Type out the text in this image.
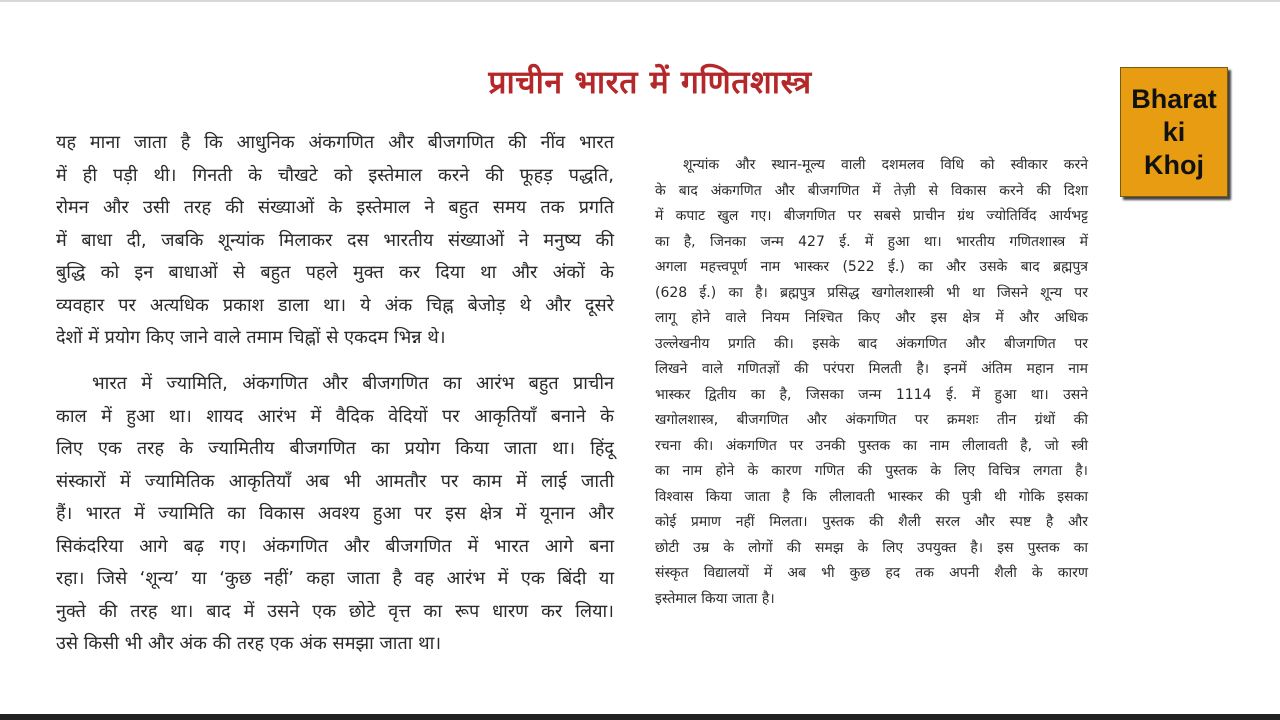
प्राचीन भारत में गणितशास्त्र	Bharat
ki
Khoj
यह माना जाता है कि आधुनिक अंकगणित और बीजगणित की नींव भारत
में ही पड़ी थी। गिनती के चौखटे को इस्तेमाल करने की फूहड़ पद्धति,
रोमन और उसी तरह की संख्याओं के इस्तेमाल ने बहुत समय तक प्रगति
में बाधा दी, जबकि शून्यांक मिलाकर दस भारतीय संख्याओं ने मनुष्य की
बुद्धि को इन बाधाओं से बहुत पहले मुक्त कर दिया था और अंकों के
व्यवहार पर अत्यधिक प्रकाश डाला था। ये अंक चिह्न बेजोड़ थे और दूसरे
देशों में प्रयोग किए जाने वाले तमाम चिह्नों से एकदम भिन्न थे।
भारत में ज्यामिति, अंकगणित और बीजगणित का आरंभ बहुत प्राचीन
काल में हुआ था। शायद आरंभ में वैदिक वेदियों पर आकृतियाँ बनाने के
लिए एक तरह के ज्यामितीय बीजगणित का प्रयोग किया जाता था। हिंदू
संस्कारों में ज्यामितिक आकृतियाँ अब भी आमतौर पर काम में लाई जाती
हैं। भारत में ज्यामिति का विकास अवश्य हुआ पर इस क्षेत्र में यूनान और
सिकंदरिया आगे बढ़ गए। अंकगणित और बीजगणित में भारत आगे बना
रहा। जिसे ‘शून्य’ या ‘कुछ नहीं’ कहा जाता है वह आरंभ में एक बिंदी या
नुक्ते की तरह था। बाद में उसने एक छोटे वृत्त का रूप धारण कर लिया।
उसे किसी भी और अंक की तरह एक अंक समझा जाता था।
शून्यांक और स्थान-मूल्य वाली दशमलव विधि को स्वीकार करने
के बाद अंकगणित और बीजगणित में तेज़ी से विकास करने की दिशा
में कपाट खुल गए। बीजगणित पर सबसे प्राचीन ग्रंथ ज्योतिर्विद आर्यभट्ट
का है, जिनका जन्म 427 ई. में हुआ था। भारतीय गणितशास्त्र में
अगला महत्त्वपूर्ण नाम भास्कर (522 ई.) का और उसके बाद ब्रह्मपुत्र
(628 ई.) का है। ब्रह्मपुत्र प्रसिद्ध खगोलशास्त्री भी था जिसने शून्य पर
लागू होने वाले नियम निश्चित किए और इस क्षेत्र में और अधिक
उल्लेखनीय प्रगति की। इसके बाद अंकगणित और बीजगणित पर
लिखने वाले गणितज्ञों की परंपरा मिलती है। इनमें अंतिम महान नाम
भास्कर द्वितीय का है, जिसका जन्म 1114 ई. में हुआ था। उसने
खगोलशास्त्र, बीजगणित और अंकगणित पर क्रमशः तीन ग्रंथों की
रचना की। अंकगणित पर उनकी पुस्तक का नाम लीलावती है, जो स्त्री
का नाम होने के कारण गणित की पुस्तक के लिए विचित्र लगता है।
विश्वास किया जाता है कि लीलावती भास्कर की पुत्री थी गोकि इसका
कोई प्रमाण नहीं मिलता। पुस्तक की शैली सरल और स्पष्ट है और
छोटी उम्र के लोगों की समझ के लिए उपयुक्त है। इस पुस्तक का
संस्कृत विद्यालयों में अब भी कुछ हद तक अपनी शैली के कारण
इस्तेमाल किया जाता है।
